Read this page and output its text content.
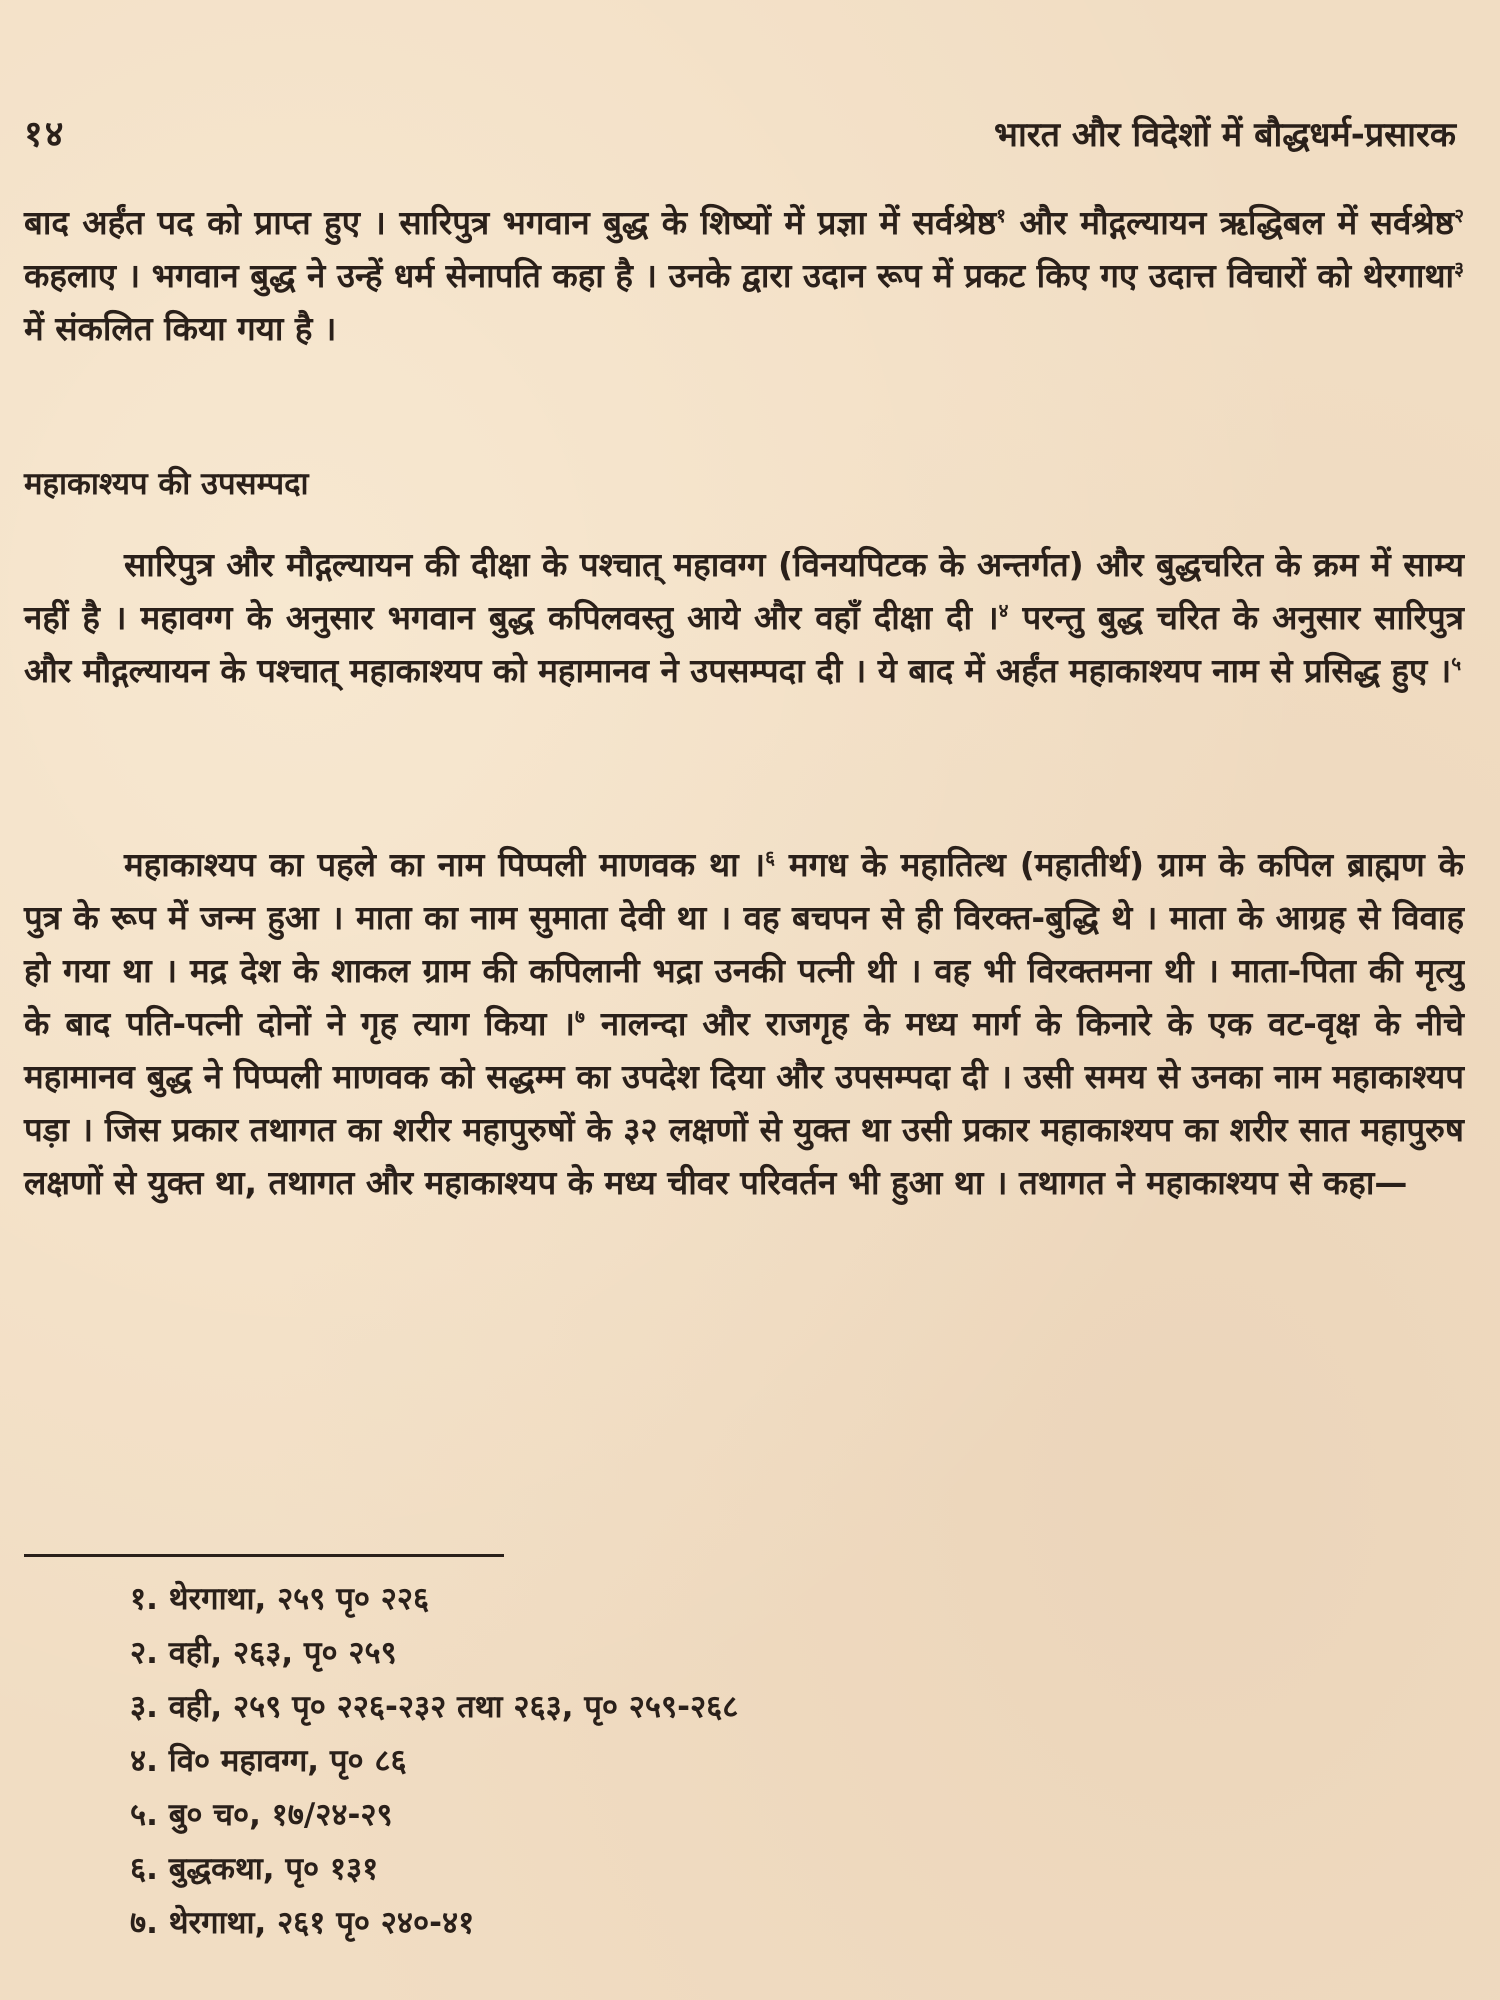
१४	भारत और विदेशों में बौद्धधर्म-प्रसारक

बाद अर्हंत पद को प्राप्त हुए । सारिपुत्र भगवान बुद्ध के शिष्यों में प्रज्ञा में सर्वश्रेष्ठ$^१$ और मौद्गल्यायन ऋद्धिबल में सर्वश्रेष्ठ$^२$ कहलाए । भगवान बुद्ध ने उन्हें धर्म सेनापति कहा है । उनके द्वारा उदान रूप में प्रकट किए गए उदात्त विचारों को थेरगाथा$^३$ में संकलित किया गया है ।

महाकाश्यप की उपसम्पदा

सारिपुत्र और मौद्गल्यायन की दीक्षा के पश्चात् महावग्ग (विनयपिटक के अन्तर्गत) और बुद्धचरित के क्रम में साम्य नहीं है । महावग्ग के अनुसार भगवान बुद्ध कपिलवस्तु आये और वहाँ दीक्षा दी ।$^४$ परन्तु बुद्ध चरित के अनुसार सारिपुत्र और मौद्गल्यायन के पश्चात् महाकाश्यप को महामानव ने उपसम्पदा दी । ये बाद में अर्हंत महाकाश्यप नाम से प्रसिद्ध हुए ।$^५$

महाकाश्यप का पहले का नाम पिप्पली माणवक था ।$^६$ मगध के महातित्थ (महातीर्थ) ग्राम के कपिल ब्राह्मण के पुत्र के रूप में जन्म हुआ । माता का नाम सुमाता देवी था । वह बचपन से ही विरक्त-बुद्धि थे । माता के आग्रह से विवाह हो गया था । मद्र देश के शाकल ग्राम की कपिलानी भद्रा उनकी पत्नी थी । वह भी विरक्तमना थी । माता-पिता की मृत्यु के बाद पति-पत्नी दोनों ने गृह त्याग किया ।$^७$ नालन्दा और राजगृह के मध्य मार्ग के किनारे के एक वट-वृक्ष के नीचे महामानव बुद्ध ने पिप्पली माणवक को सद्धम्म का उपदेश दिया और उपसम्पदा दी । उसी समय से उनका नाम महाकाश्यप पड़ा । जिस प्रकार तथागत का शरीर महापुरुषों के ३२ लक्षणों से युक्त था उसी प्रकार महाकाश्यप का शरीर सात महापुरुष लक्षणों से युक्त था, तथागत और महाकाश्यप के मध्य चीवर परिवर्तन भी हुआ था । तथागत ने महाकाश्यप से कहा—

१. थेरगाथा, २५९ पृ० २२६
२. वही, २६३, पृ० २५९
३. वही, २५९ पृ० २२६-२३२ तथा २६३, पृ० २५९-२६८
४. वि० महावग्ग, पृ० ८६
५. बु० च०, १७/२४-२९
६. बुद्धकथा, पृ० १३१
७. थेरगाथा, २६१ पृ० २४०-४१
